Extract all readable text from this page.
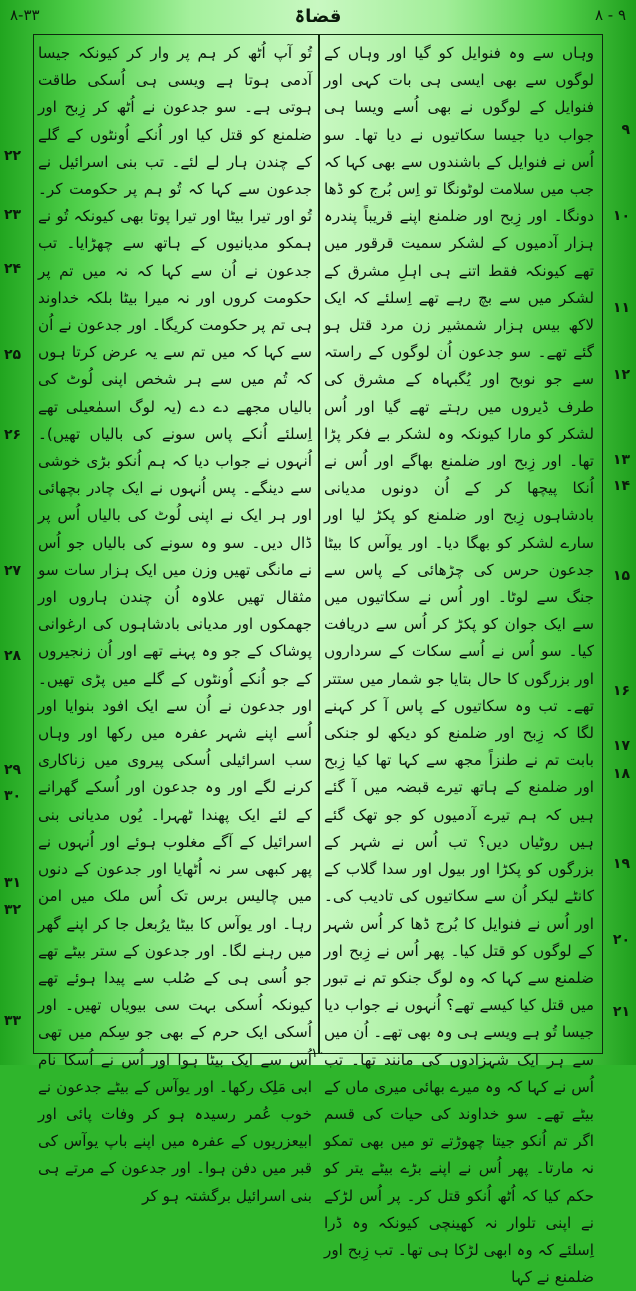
۸-۳۳	قضاۃ	۸ - ۹

وہاں سے وہ فنوایل کو گیا اور وہاں کے لوگوں سے بھی ایسی ہی بات کہی اور فنوایل کے لوگوں نے بھی اُسے ویسا ہی جواب دیا جیسا سکاتیوں نے دیا تھا۔ سو اُس نے فنوایل کے باشندوں سے بھی کہا کہ جب میں سلامت لوٹونگا تو اِس بُرج کو ڈھا دونگا۔ اور زِبح اور ضلمنع اپنے قریباً پندرہ ہزار آدمیوں کے لشکر سمیت قرقور میں تھے کیونکہ فقط اتنے ہی اہلِ مشرق کے لشکر میں سے بچ رہے تھے اِسلئے کہ ایک لاکھ بیس ہزار شمشیر زن مرد قتل ہو گئے تھے۔ سو جدعون اُن لوگوں کے راستہ سے جو نوبح اور یُگبہاہ کے مشرق کی طرف ڈیروں میں رہتے تھے گیا اور اُس لشکر کو مارا کیونکہ وہ لشکر بے فکر پڑا تھا۔ اور زِبح اور ضلمنع بھاگے اور اُس نے اُنکا پیچھا کر کے اُن دونوں مدیانی بادشاہوں زِبح اور ضلمنع کو پکڑ لیا اور سارے لشکر کو بھگا دیا۔ اور یوآس کا بیٹا جدعون حرس کی چڑھائی کے پاس سے جنگ سے لوٹا۔ اور اُس نے سکاتیوں میں سے ایک جوان کو پکڑ کر اُس سے دریافت کیا۔ سو اُس نے اُسے سکات کے سرداروں اور بزرگوں کا حال بتایا جو شمار میں ستتر تھے۔ تب وہ سکاتیوں کے پاس آ کر کہنے لگا کہ زِبح اور ضلمنع کو دیکھ لو جنکی بابت تم نے طنزاً مجھ سے کہا تھا کیا زِبح اور ضلمنع کے ہاتھ تیرے قبضہ میں آ گئے ہیں کہ ہم تیرے آدمیوں کو جو تھک گئے ہیں روٹیاں دیں؟ تب اُس نے شہر کے بزرگوں کو پکڑا اور بیول اور سدا گلاب کے کانٹے لیکر اُن سے سکاتیوں کی تادیب کی۔ اور اُس نے فنوایل کا بُرج ڈھا کر اُس شہر کے لوگوں کو قتل کیا۔ پھر اُس نے زِبح اور ضلمنع سے کہا کہ وہ لوگ جنکو تم نے تبور میں قتل کیا کیسے تھے؟ اُنہوں نے جواب دیا جیسا تُو ہے ویسے ہی وہ بھی تھے۔ اُن میں سے ہر ایک شہزادوں کی مانند تھا۔ تب اُس نے کہا کہ وہ میرے بھائی میری ماں کے بیٹے تھے۔ سو خداوند کی حیات کی قسم اگر تم اُنکو جیتا چھوڑتے تو میں بھی تمکو نہ مارتا۔ پھر اُس نے اپنے بڑے بیٹے یتر کو حکم کیا کہ اُٹھ اُنکو قتل کر۔ پر اُس لڑکے نے اپنی تلوار نہ کھینچی کیونکہ وہ ڈرا اِسلئے کہ وہ ابھی لڑکا ہی تھا۔ تب زِبح اور ضلمنع نے کہا

تُو آپ اُٹھ کر ہم پر وار کر کیونکہ جیسا آدمی ہوتا ہے ویسی ہی اُسکی طاقت ہوتی ہے۔ سو جدعون نے اُٹھ کر زِبح اور ضلمنع کو قتل کیا اور اُنکے اُونٹوں کے گلے کے چندن ہار لے لئے۔ تب بنی اسرائیل نے جدعون سے کہا کہ تُو ہم پر حکومت کر۔ تُو اور تیرا بیٹا اور تیرا پوتا بھی کیونکہ تُو نے ہمکو مدیانیوں کے ہاتھ سے چھڑایا۔ تب جدعون نے اُن سے کہا کہ نہ میں تم پر حکومت کروں اور نہ میرا بیٹا بلکہ خداوند ہی تم پر حکومت کریگا۔ اور جدعون نے اُن سے کہا کہ میں تم سے یہ عرض کرتا ہوں کہ تُم میں سے ہر شخص اپنی لُوٹ کی بالیاں مجھے دے دے (یہ لوگ اسمٰعیلی تھے اِسلئے اُنکے پاس سونے کی بالیاں تھیں)۔ اُنہوں نے جواب دیا کہ ہم اُنکو بڑی خوشی سے دینگے۔ پس اُنہوں نے ایک چادر بچھائی اور ہر ایک نے اپنی لُوٹ کی بالیاں اُس پر ڈال دیں۔ سو وہ سونے کی بالیاں جو اُس نے مانگی تھیں وزن میں ایک ہزار سات سو مثقال تھیں علاوہ اُن چندن ہاروں اور جھمکوں اور مدیانی بادشاہوں کی ارغوانی پوشاک کے جو وہ پہنے تھے اور اُن زنجیروں کے جو اُنکے اُونٹوں کے گلے میں پڑی تھیں۔ اور جدعون نے اُن سے ایک افود بنوایا اور اُسے اپنے شہر عفرہ میں رکھا اور وہاں سب اسرائیلی اُسکی پیروی میں زناکاری کرنے لگے اور وہ جدعون اور اُسکے گھرانے کے لئے ایک پھندا ٹھہرا۔ یُوں مدیانی بنی اسرائیل کے آگے مغلوب ہوئے اور اُنہوں نے پھر کبھی سر نہ اُٹھایا اور جدعون کے دنوں میں چالیس برس تک اُس ملک میں امن رہا۔ اور یوآس کا بیٹا یرُبعل جا کر اپنے گھر میں رہنے لگا۔ اور جدعون کے ستر بیٹے تھے جو اُسی ہی کے صُلب سے پیدا ہوئے تھے کیونکہ اُسکی بہت سی بیویاں تھیں۔ اور اُسکی ایک حرم کے بھی جو سِکم میں تھی اُس سے ایک بیٹا ہوا اور اُس نے اُسکا نام ابی مَلِک رکھا۔ اور یوآس کے بیٹے جدعون نے خوب عُمر رسیدہ ہو کر وفات پائی اور ابیعزریوں کے عفرہ میں اپنے باپ یوآس کی قبر میں دفن ہوا۔ اور جدعون کے مرتے ہی بنی اسرائیل برگشتہ ہو کر

۹
۱۰
۱۱
۱۲
۱۳
۱۴
۱۵
۱۶
۱۷
۱۸
۱۹
۲۰
۲۱
۲۲
۲۳
۲۴
۲۵
۲۶
۲۷
۲۸
۲۹
۳۰
۳۱
۳۲
۳۳
۱۰
